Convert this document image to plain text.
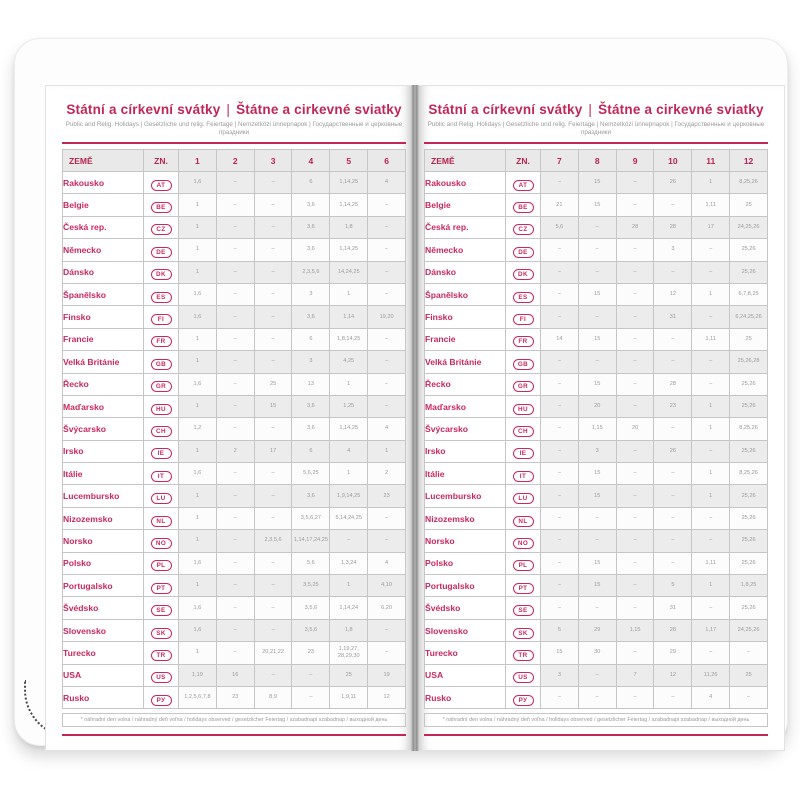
Státní a církevní svátky | Štátne a cirkevné sviatky
Public and Relig. Holidays | Gesetzliche und relig. Feiertage | Nemzetközi ünnepnapok | Государственные и церковные праздники
ZEMĚ	ZN.	1	2	3	4	5	6
Rakousko	AT	1,6	–	–	6	1,14,25	4
Belgie	BE	1	–	–	3,6	1,14,25	–
Česká rep.	CZ	1	–	–	3,6	1,8	–
Německo	DE	1	–	–	3,6	1,14,25	–
Dánsko	DK	1	–	–	2,3,5,6	14,24,25	–
Španělsko	ES	1,6	–	–	3	1	–
Finsko	FI	1,6	–	–	3,6	1,14	19,20
Francie	FR	1	–	–	6	1,8,14,25	–
Velká Británie	GB	1	–	–	3	4,25	–
Řecko	GR	1,6	–	25	13	1	–
Maďarsko	HU	1	–	15	3,6	1,25	–
Švýcarsko	CH	1,2	–	–	3,6	1,14,25	4
Irsko	IE	1	2	17	6	4	1
Itálie	IT	1,6	–	–	5,6,25	1	2
Lucembursko	LU	1	–	–	3,6	1,9,14,25	23
Nizozemsko	NL	1	–	–	3,5,6,27	5,14,24,25	–
Norsko	NO	1	–	2,3,5,6	1,14,17,24,25	–	–
Polsko	PL	1,6	–	–	5,6	1,3,24	4
Portugalsko	PT	1	–	–	3,5,25	1	4,10
Švédsko	SE	1,6	–	–	3,5,6	1,14,24	6,20
Slovensko	SK	1,6	–	–	3,5,6	1,8	–
Turecko	TR	1	–	20,21,22	23	1,19,27, 28,29,30	–
USA	US	1,19	16	–	–	25	19
Rusko	РУ	1,2,5,6,7,8	23	8,9	–	1,9,11	12
* náhradní den volna / náhradný deň voľna / holidays observed / gesetzlicher Feiertag / szabadnapi szabadnap / выходной день
Státní a církevní svátky | Štátne a cirkevné sviatky
Public and Relig. Holidays | Gesetzliche und relig. Feiertage | Nemzetközi ünnepnapok | Государственные и церковные праздники
ZEMĚ	ZN.	7	8	9	10	11	12
Rakousko	AT	–	15	–	26	1	8,25,26
Belgie	BE	21	15	–	–	1,11	25
Česká rep.	CZ	5,6	–	28	28	17	24,25,26
Německo	DE	–	–	–	3	–	25,26
Dánsko	DK	–	–	–	–	–	25,26
Španělsko	ES	–	15	–	12	1	6,7,8,25
Finsko	FI	–	–	–	31	–	6,24,25,26
Francie	FR	14	15	–	–	1,11	25
Velká Británie	GB	–	–	–	–	–	25,26,28
Řecko	GR	–	15	–	28	–	25,26
Maďarsko	HU	–	20	–	23	1	25,26
Švýcarsko	CH	–	1,15	20	–	1	8,25,26
Irsko	IE	–	3	–	26	–	25,26
Itálie	IT	–	15	–	–	1	8,25,26
Lucembursko	LU	–	15	–	–	1	25,26
Nizozemsko	NL	–	–	–	–	–	25,26
Norsko	NO	–	–	–	–	–	25,26
Polsko	PL	–	15	–	–	1,11	25,26
Portugalsko	PT	–	15	–	5	1	1,8,25
Švédsko	SE	–	–	–	31	–	25,26
Slovensko	SK	5	29	1,15	28	1,17	24,25,26
Turecko	TR	15	30	–	29	–	–
USA	US	3	–	7	12	11,26	25
Rusko	РУ	–	–	–	–	4	–
* náhradní den volna / náhradný deň voľna / holidays observed / gesetzlicher Feiertag / szabadnapi szabadnap / выходной день
